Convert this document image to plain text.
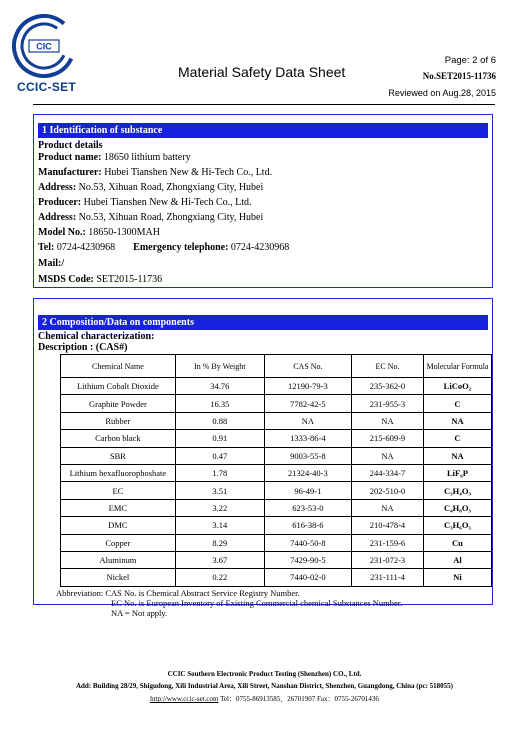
CIC
CCIC-SET
Material Safety Data Sheet
Page: 2 of 6
No.SET2015-11736
Reviewed on Aug.28, 2015
1 Identification of substance
Product details
Product name: 18650 lithium battery
Manufacturer: Hubei Tianshen New & Hi-Tech Co., Ltd.
Address: No.53, Xihuan Road, Zhongxiang City, Hubei
Producer: Hubei Tianshen New & Hi-Tech Co., Ltd.
Address: No.53, Xihuan Road, Zhongxiang City, Hubei
Model No.: 18650-1300MAH
Tel: 0724-4230968 Emergency telephone: 0724-4230968
Mail:/
MSDS Code: SET2015-11736
2 Composition/Data on components
Chemical characterization:
Description : (CAS#)
Chemical Name	In % By Weight	CAS No.	EC No.	Molecular Formula
Lithium Cobalt Dioxide	34.76	12190-79-3	235-362-0	LiCoO₂
Graphite Powder	16.35	7782-42-5	231-955-3	C
Rubber	0.88	NA	NA	NA
Carbon black	0.91	1333-86-4	215-609-9	C
SBR	0.47	9003-55-8	NA	NA
Lithium hexafluorophoshate	1.78	21324-40-3	244-334-7	LiF₆P
EC	3.51	96-49-1	202-510-0	C₃H₄O₃
EMC	3.22	623-53-0	NA	C₄H₈O₃
DMC	3.14	616-38-6	210-478-4	C₃H₆O₃
Copper	8.29	7440-50-8	231-159-6	Cu
Aluminum	3.67	7429-90-5	231-072-3	Al
Nickel	0.22	7440-02-0	231-111-4	Ni
Abbreviation: CAS No. is Chemical Abstract Service Registry Number.
EC No. is European Inventory of Existing Commercial chemical Substances Number.
NA = Not apply.
CCIC Southern Electronic Product Testing (Shenzhen) CO., Ltd.
Add: Building 28/29, Shigudong, Xili Industrial Area, Xili Street, Nanshan District, Shenzhen, Guangdong, China (pc: 518055)
http://www.ccic-set.com Tel：0755-86913585，26701907 Fax：0755-26701436
